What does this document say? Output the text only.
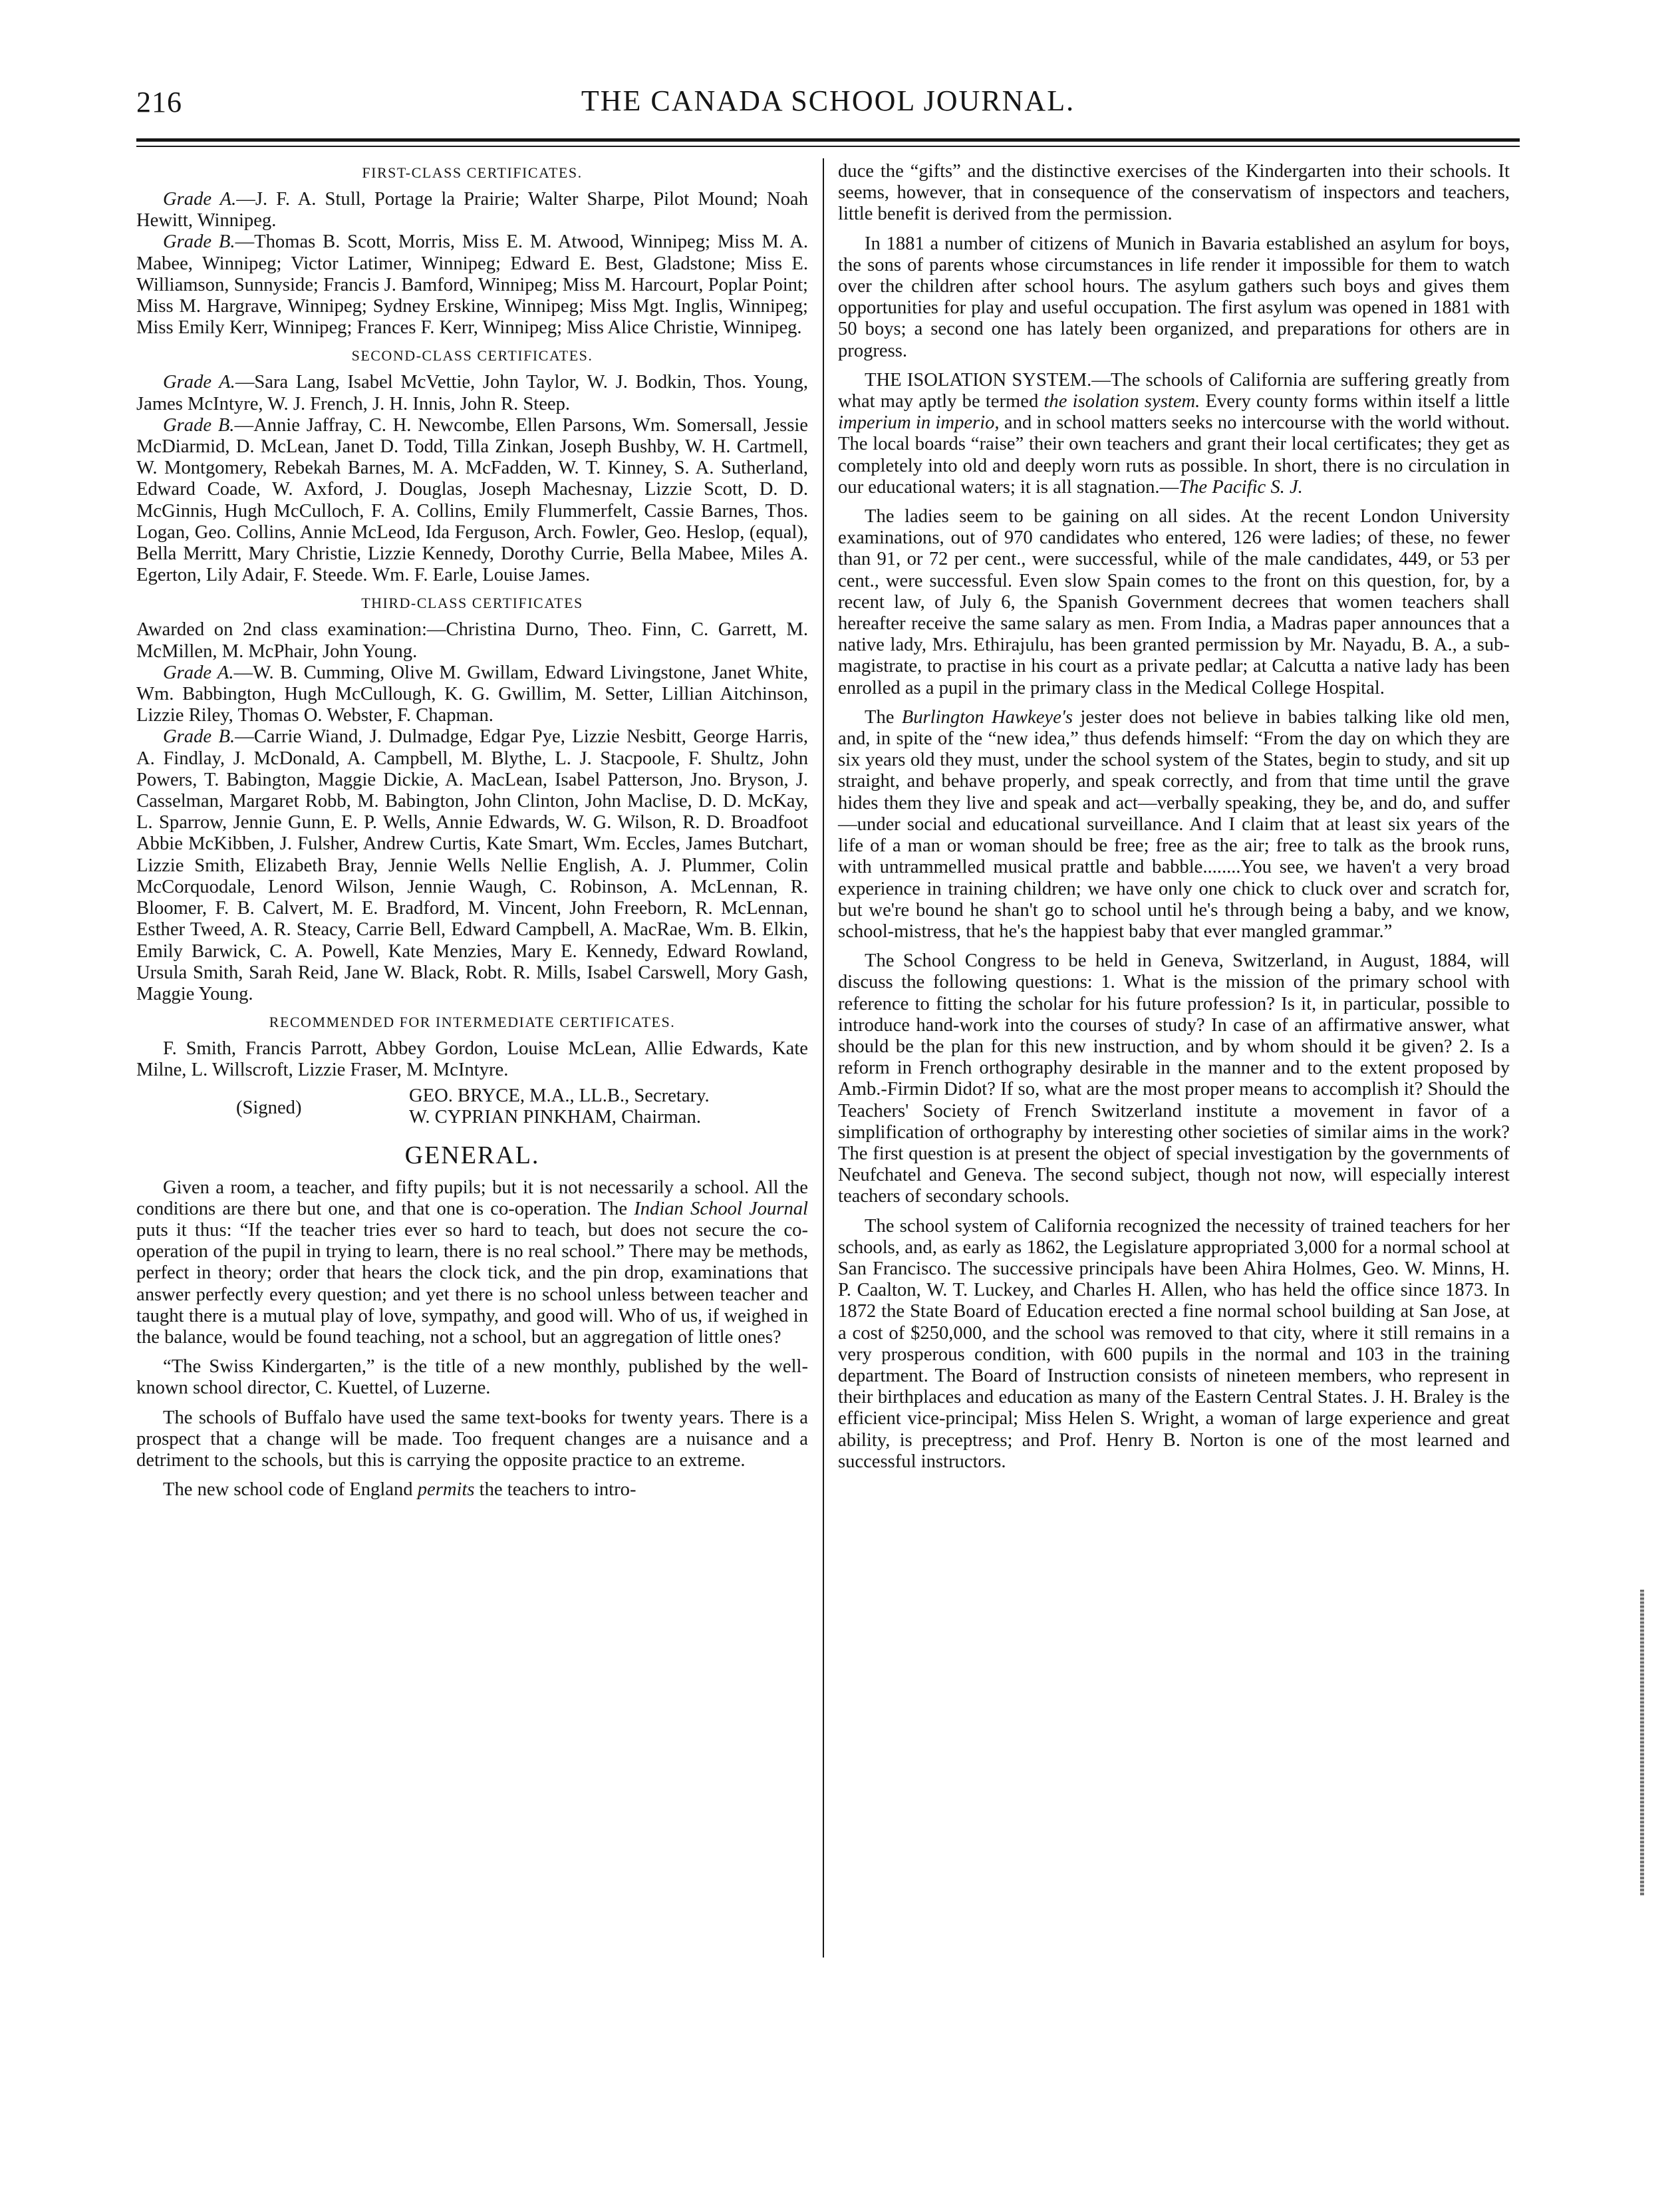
216	THE CANADA SCHOOL JOURNAL.
FIRST-CLASS CERTIFICATES.

Grade A.—J. F. A. Stull, Portage la Prairie; Walter Sharpe, Pilot Mound; Noah Hewitt, Winnipeg.

Grade B.—Thomas B. Scott, Morris, Miss E. M. Atwood, Winnipeg; Miss M. A. Mabee, Winnipeg; Victor Latimer, Winnipeg; Edward E. Best, Gladstone; Miss E. Williamson, Sunnyside; Francis J. Bamford, Winnipeg; Miss M. Harcourt, Poplar Point; Miss M. Hargrave, Winnipeg; Sydney Erskine, Winnipeg; Miss Mgt. Inglis, Winnipeg; Miss Emily Kerr, Winnipeg; Frances F. Kerr, Winnipeg; Miss Alice Christie, Winnipeg.

SECOND-CLASS CERTIFICATES.

Grade A.—Sara Lang, Isabel McVettie, John Taylor, W. J. Bodkin, Thos. Young, James McIntyre, W. J. French, J. H. Innis, John R. Steep.

Grade B.—Annie Jaffray, C. H. Newcombe, Ellen Parsons, Wm. Somersall, Jessie McDiarmid, D. McLean, Janet D. Todd, Tilla Zinkan, Joseph Bushby, W. H. Cartmell, W. Montgomery, Rebekah Barnes, M. A. McFadden, W. T. Kinney, S. A. Sutherland, Edward Coade, W. Axford, J. Douglas, Joseph Machesnay, Lizzie Scott, D. D. McGinnis, Hugh McCulloch, F. A. Collins, Emily Flummerfelt, Cassie Barnes, Thos. Logan, Geo. Collins, Annie McLeod, Ida Ferguson, Arch. Fowler, Geo. Heslop, (equal), Bella Merritt, Mary Christie, Lizzie Kennedy, Dorothy Currie, Bella Mabee, Miles A. Egerton, Lily Adair, F. Steede. Wm. F. Earle, Louise James.

THIRD-CLASS CERTIFICATES

Awarded on 2nd class examination:—Christina Durno, Theo. Finn, C. Garrett, M. McMillen, M. McPhair, John Young.

Grade A.—W. B. Cumming, Olive M. Gwillam, Edward Livingstone, Janet White, Wm. Babbington, Hugh McCullough, K. G. Gwillim, M. Setter, Lillian Aitchinson, Lizzie Riley, Thomas O. Webster, F. Chapman.

Grade B.—Carrie Wiand, J. Dulmadge, Edgar Pye, Lizzie Nesbitt, George Harris, A. Findlay, J. McDonald, A. Campbell, M. Blythe, L. J. Stacpoole, F. Shultz, John Powers, T. Babington, Maggie Dickie, A. MacLean, Isabel Patterson, Jno. Bryson, J. Casselman, Margaret Robb, M. Babington, John Clinton, John Maclise, D. D. McKay, L. Sparrow, Jennie Gunn, E. P. Wells, Annie Edwards, W. G. Wilson, R. D. Broadfoot Abbie McKibben, J. Fulsher, Andrew Curtis, Kate Smart, Wm. Eccles, James Butchart, Lizzie Smith, Elizabeth Bray, Jennie Wells Nellie English, A. J. Plummer, Colin McCorquodale, Lenord Wilson, Jennie Waugh, C. Robinson, A. McLennan, R. Bloomer, F. B. Calvert, M. E. Bradford, M. Vincent, John Freeborn, R. McLennan, Esther Tweed, A. R. Steacy, Carrie Bell, Edward Campbell, A. MacRae, Wm. B. Elkin, Emily Barwick, C. A. Powell, Kate Menzies, Mary E. Kennedy, Edward Rowland, Ursula Smith, Sarah Reid, Jane W. Black, Robt. R. Mills, Isabel Carswell, Mory Gash, Maggie Young.

RECOMMENDED FOR INTERMEDIATE CERTIFICATES.

F. Smith, Francis Parrott, Abbey Gordon, Louise McLean, Allie Edwards, Kate Milne, L. Willscroft, Lizzie Fraser, M. McIntyre.

(Signed)
GEO. BRYCE, M.A., LL.B., Secretary.
W. CYPRIAN PINKHAM, Chairman.
GENERAL.

Given a room, a teacher, and fifty pupils; but it is not necessarily a school. All the conditions are there but one, and that one is co-operation. The Indian School Journal puts it thus: “If the teacher tries ever so hard to teach, but does not secure the co-operation of the pupil in trying to learn, there is no real school.” There may be methods, perfect in theory; order that hears the clock tick, and the pin drop, examinations that answer perfectly every question; and yet there is no school unless between teacher and taught there is a mutual play of love, sympathy, and good will. Who of us, if weighed in the balance, would be found teaching, not a school, but an aggregation of little ones?

“The Swiss Kindergarten,” is the title of a new monthly, published by the well-known school director, C. Kuettel, of Luzerne.

The schools of Buffalo have used the same text-books for twenty years. There is a prospect that a change will be made. Too frequent changes are a nuisance and a detriment to the schools, but this is carrying the opposite practice to an extreme.

The new school code of England permits the teachers to intro-

duce the “gifts” and the distinctive exercises of the Kindergarten into their schools. It seems, however, that in consequence of the conservatism of inspectors and teachers, little benefit is derived from the permission.

In 1881 a number of citizens of Munich in Bavaria established an asylum for boys, the sons of parents whose circumstances in life render it impossible for them to watch over the children after school hours. The asylum gathers such boys and gives them opportunities for play and useful occupation. The first asylum was opened in 1881 with 50 boys; a second one has lately been organized, and preparations for others are in progress.

THE ISOLATION SYSTEM.—The schools of California are suffering greatly from what may aptly be termed the isolation system. Every county forms within itself a little imperium in imperio, and in school matters seeks no intercourse with the world without. The local boards “raise” their own teachers and grant their local certificates; they get as completely into old and deeply worn ruts as possible. In short, there is no circulation in our educational waters; it is all stagnation.—The Pacific S. J.

The ladies seem to be gaining on all sides. At the recent London University examinations, out of 970 candidates who entered, 126 were ladies; of these, no fewer than 91, or 72 per cent., were successful, while of the male candidates, 449, or 53 per cent., were successful. Even slow Spain comes to the front on this question, for, by a recent law, of July 6, the Spanish Government decrees that women teachers shall hereafter receive the same salary as men. From India, a Madras paper announces that a native lady, Mrs. Ethirajulu, has been granted permission by Mr. Nayadu, B. A., a sub-magistrate, to practise in his court as a private pedlar; at Calcutta a native lady has been enrolled as a pupil in the primary class in the Medical College Hospital.

The Burlington Hawkeye's jester does not believe in babies talking like old men, and, in spite of the “new idea,” thus defends himself: “From the day on which they are six years old they must, under the school system of the States, begin to study, and sit up straight, and behave properly, and speak correctly, and from that time until the grave hides them they live and speak and act—verbally speaking, they be, and do, and suffer—under social and educational surveillance. And I claim that at least six years of the life of a man or woman should be free; free as the air; free to talk as the brook runs, with untrammelled musical prattle and babble........You see, we haven't a very broad experience in training children; we have only one chick to cluck over and scratch for, but we're bound he shan't go to school until he's through being a baby, and we know, school-mistress, that he's the happiest baby that ever mangled grammar.”

The School Congress to be held in Geneva, Switzerland, in August, 1884, will discuss the following questions: 1. What is the mission of the primary school with reference to fitting the scholar for his future profession? Is it, in particular, possible to introduce hand-work into the courses of study? In case of an affirmative answer, what should be the plan for this new instruction, and by whom should it be given? 2. Is a reform in French orthography desirable in the manner and to the extent proposed by Amb.-Firmin Didot? If so, what are the most proper means to accomplish it? Should the Teachers' Society of French Switzerland institute a movement in favor of a simplification of orthography by interesting other societies of similar aims in the work? The first question is at present the object of special investigation by the governments of Neufchatel and Geneva. The second subject, though not now, will especially interest teachers of secondary schools.

The school system of California recognized the necessity of trained teachers for her schools, and, as early as 1862, the Legislature appropriated 3,000 for a normal school at San Francisco. The successive principals have been Ahira Holmes, Geo. W. Minns, H. P. Caalton, W. T. Luckey, and Charles H. Allen, who has held the office since 1873. In 1872 the State Board of Education erected a fine normal school building at San Jose, at a cost of $250,000, and the school was removed to that city, where it still remains in a very prosperous condition, with 600 pupils in the normal and 103 in the training department. The Board of Instruction consists of nineteen members, who represent in their birthplaces and education as many of the Eastern Central States. J. H. Braley is the efficient vice-principal; Miss Helen S. Wright, a woman of large experience and great ability, is preceptress; and Prof. Henry B. Norton is one of the most learned and successful instructors.
